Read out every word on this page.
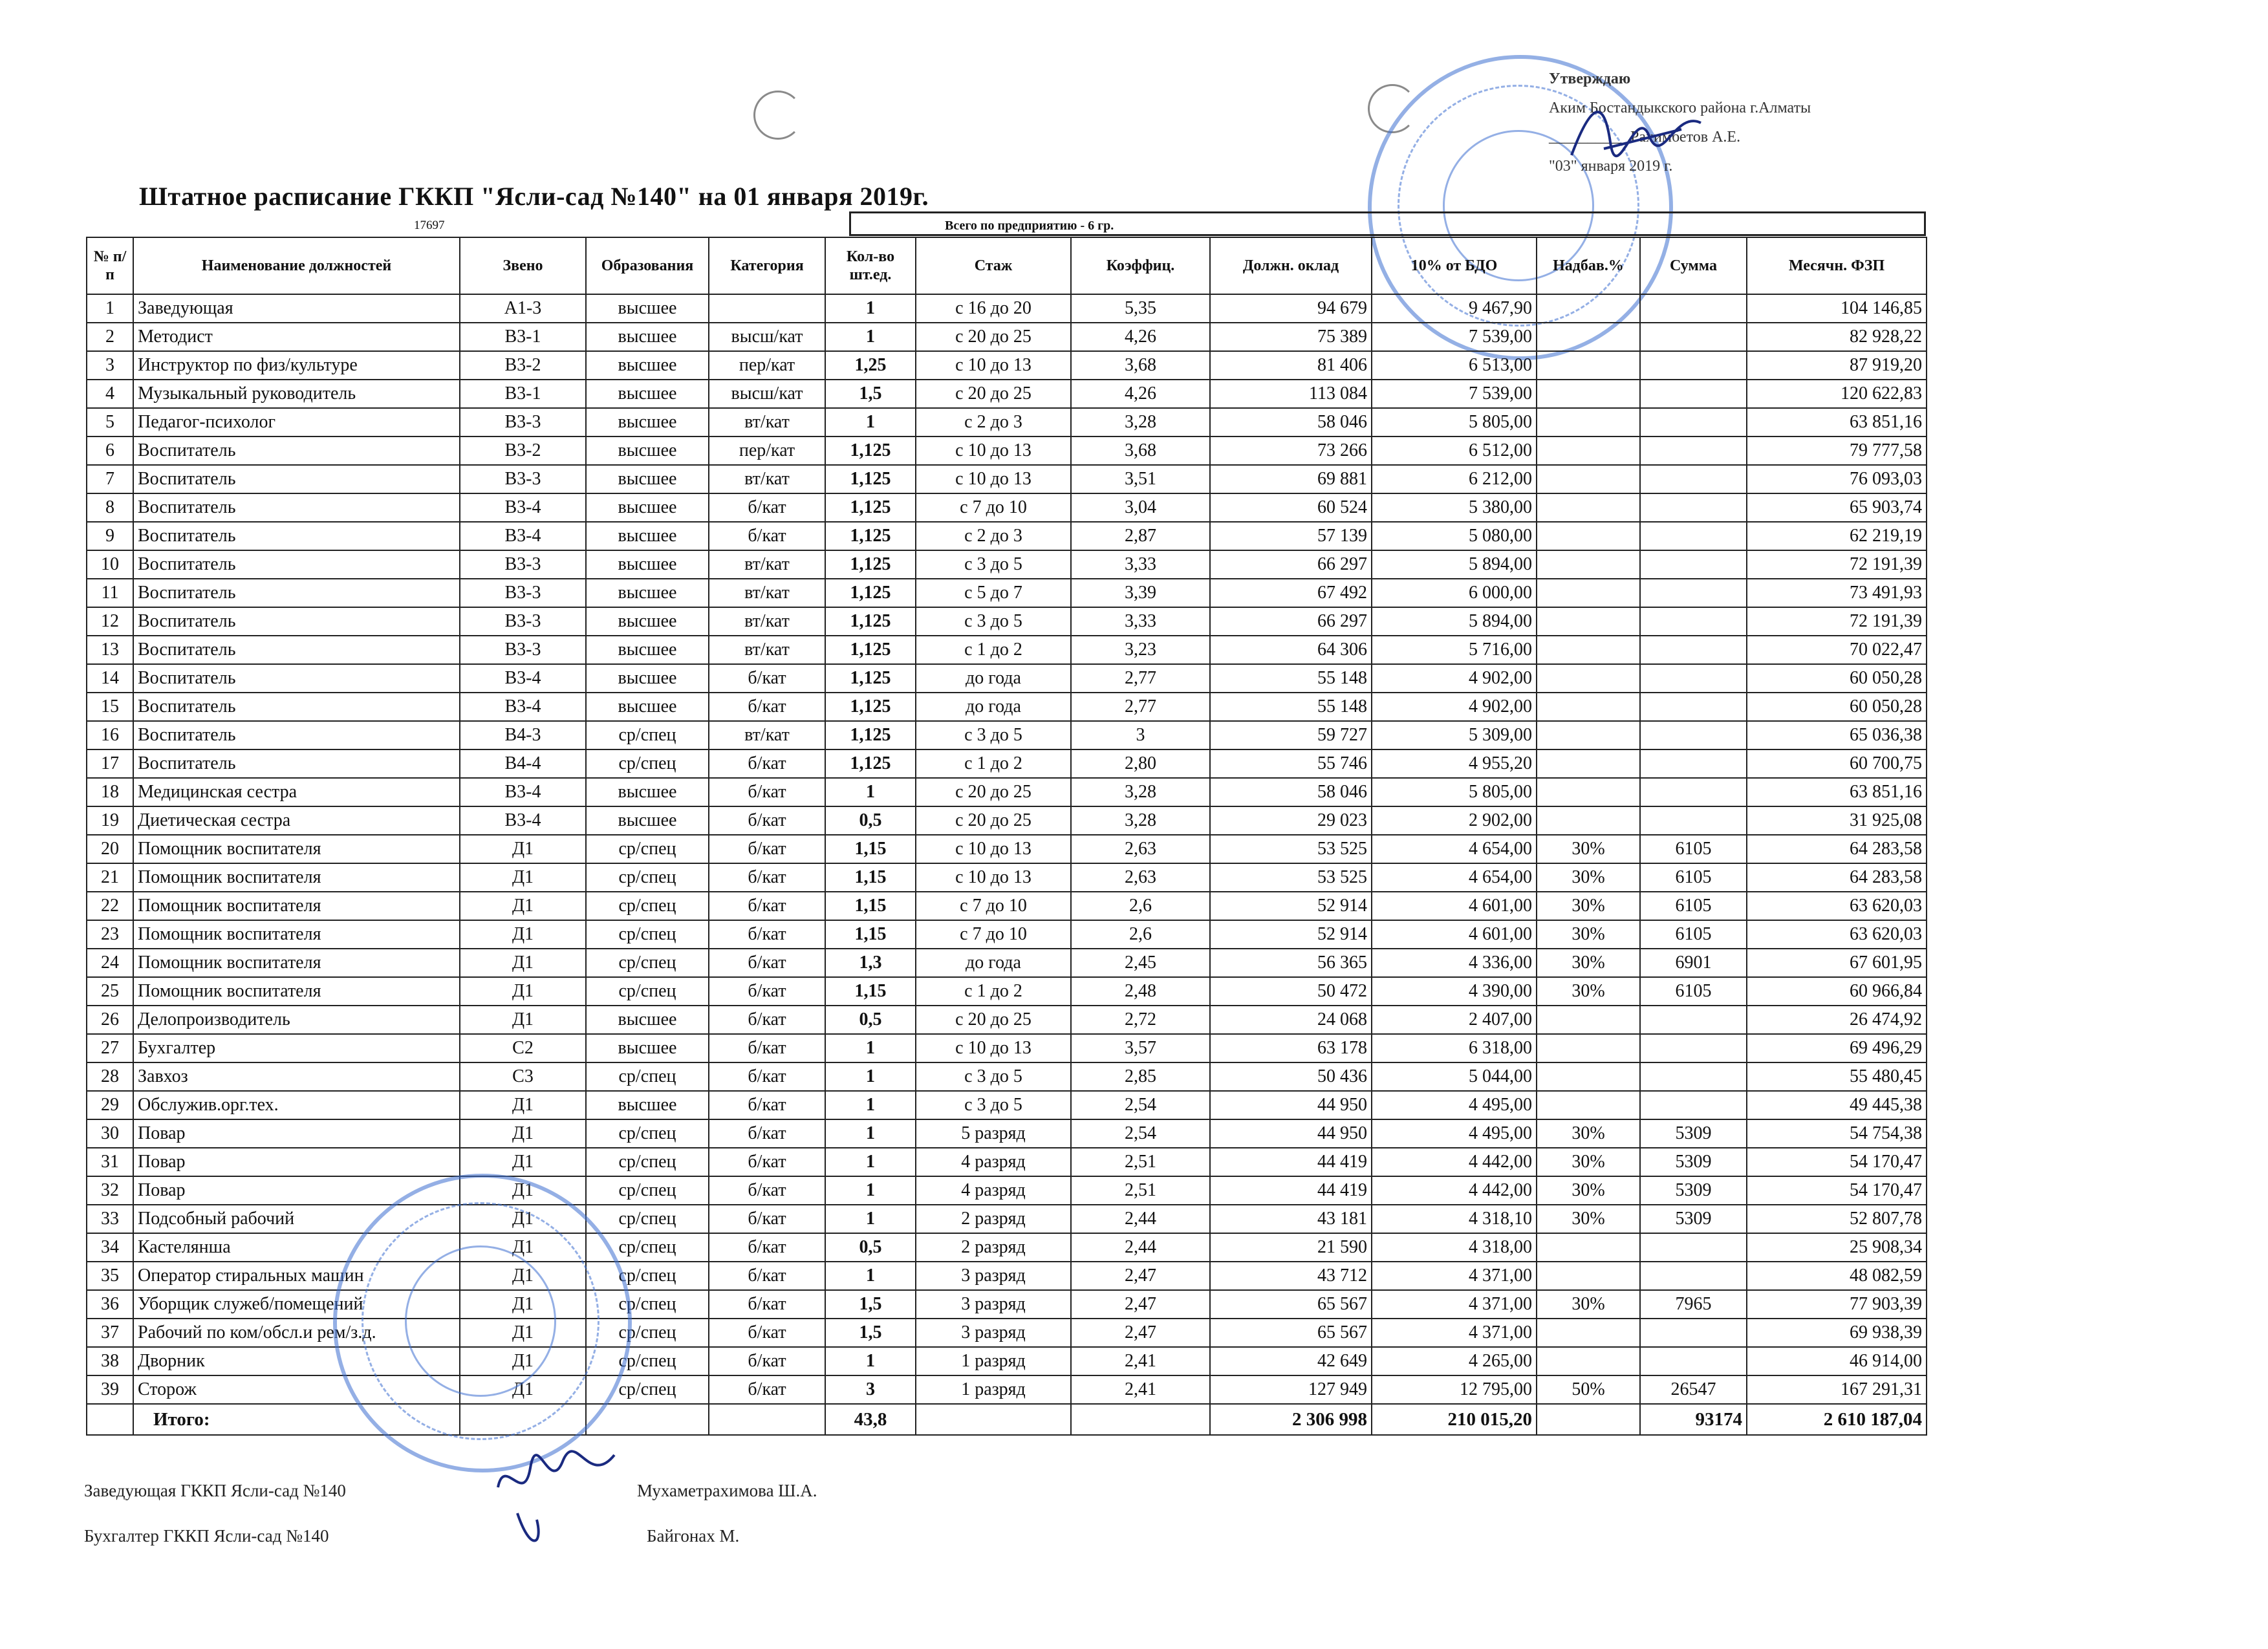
Утверждаю
Аким Бостандыкского района г.Алматы
__________ Рахимбетов А.Е.
"03" января 2019 г.
Штатное расписание ГККП "Ясли-сад №140" на 01 января 2019г.
17697	Всего по предприятию - 6 гр.
№ п/п	Наименование должностей	Звено	Образования	Категория	Кол-во шт.ед.	Стаж	Коэффиц.	Должн. оклад	10% от БДО	Надбав.%	Сумма	Месячн. ФЗП
1	Заведующая	A1-3	высшее		1	с 16 до 20	5,35	94 679	9 467,90			104 146,85
2	Методист	B3-1	высшее	высш/кат	1	с 20 до 25	4,26	75 389	7 539,00			82 928,22
3	Инструктор по физ/культуре	B3-2	высшее	пер/кат	1,25	с 10 до 13	3,68	81 406	6 513,00			87 919,20
4	Музыкальный руководитель	B3-1	высшее	высш/кат	1,5	с 20 до 25	4,26	113 084	7 539,00			120 622,83
5	Педагог-психолог	B3-3	высшее	вт/кат	1	с 2 до 3	3,28	58 046	5 805,00			63 851,16
6	Воспитатель	B3-2	высшее	пер/кат	1,125	с 10 до 13	3,68	73 266	6 512,00			79 777,58
7	Воспитатель	B3-3	высшее	вт/кат	1,125	с 10 до 13	3,51	69 881	6 212,00			76 093,03
8	Воспитатель	B3-4	высшее	б/кат	1,125	с 7 до 10	3,04	60 524	5 380,00			65 903,74
9	Воспитатель	B3-4	высшее	б/кат	1,125	с 2 до 3	2,87	57 139	5 080,00			62 219,19
10	Воспитатель	B3-3	высшее	вт/кат	1,125	с 3 до 5	3,33	66 297	5 894,00			72 191,39
11	Воспитатель	B3-3	высшее	вт/кат	1,125	с 5 до 7	3,39	67 492	6 000,00			73 491,93
12	Воспитатель	B3-3	высшее	вт/кат	1,125	с 3 до 5	3,33	66 297	5 894,00			72 191,39
13	Воспитатель	B3-3	высшее	вт/кат	1,125	с 1 до 2	3,23	64 306	5 716,00			70 022,47
14	Воспитатель	B3-4	высшее	б/кат	1,125	до года	2,77	55 148	4 902,00			60 050,28
15	Воспитатель	B3-4	высшее	б/кат	1,125	до года	2,77	55 148	4 902,00			60 050,28
16	Воспитатель	B4-3	ср/спец	вт/кат	1,125	с 3 до 5	3	59 727	5 309,00			65 036,38
17	Воспитатель	B4-4	ср/спец	б/кат	1,125	с 1 до 2	2,80	55 746	4 955,20			60 700,75
18	Медицинская сестра	B3-4	высшее	б/кат	1	с 20 до 25	3,28	58 046	5 805,00			63 851,16
19	Диетическая сестра	B3-4	высшее	б/кат	0,5	с 20 до 25	3,28	29 023	2 902,00			31 925,08
20	Помощник воспитателя	Д1	ср/спец	б/кат	1,15	с 10 до 13	2,63	53 525	4 654,00	30%	6105	64 283,58
21	Помощник воспитателя	Д1	ср/спец	б/кат	1,15	с 10 до 13	2,63	53 525	4 654,00	30%	6105	64 283,58
22	Помощник воспитателя	Д1	ср/спец	б/кат	1,15	с 7 до 10	2,6	52 914	4 601,00	30%	6105	63 620,03
23	Помощник воспитателя	Д1	ср/спец	б/кат	1,15	с 7 до 10	2,6	52 914	4 601,00	30%	6105	63 620,03
24	Помощник воспитателя	Д1	ср/спец	б/кат	1,3	до года	2,45	56 365	4 336,00	30%	6901	67 601,95
25	Помощник воспитателя	Д1	ср/спец	б/кат	1,15	с 1 до 2	2,48	50 472	4 390,00	30%	6105	60 966,84
26	Делопроизводитель	Д1	высшее	б/кат	0,5	с 20 до 25	2,72	24 068	2 407,00			26 474,92
27	Бухгалтер	C2	высшее	б/кат	1	с 10 до 13	3,57	63 178	6 318,00			69 496,29
28	Завхоз	C3	ср/спец	б/кат	1	с 3 до 5	2,85	50 436	5 044,00			55 480,45
29	Обслужив.орг.тех.	Д1	высшее	б/кат	1	с 3 до 5	2,54	44 950	4 495,00			49 445,38
30	Повар	Д1	ср/спец	б/кат	1	5 разряд	2,54	44 950	4 495,00	30%	5309	54 754,38
31	Повар	Д1	ср/спец	б/кат	1	4 разряд	2,51	44 419	4 442,00	30%	5309	54 170,47
32	Повар	Д1	ср/спец	б/кат	1	4 разряд	2,51	44 419	4 442,00	30%	5309	54 170,47
33	Подсобный рабочий	Д1	ср/спец	б/кат	1	2 разряд	2,44	43 181	4 318,10	30%	5309	52 807,78
34	Кастелянша	Д1	ср/спец	б/кат	0,5	2 разряд	2,44	21 590	4 318,00			25 908,34
35	Оператор стиральных машин	Д1	ср/спец	б/кат	1	3 разряд	2,47	43 712	4 371,00			48 082,59
36	Уборщик служеб/помещений	Д1	ср/спец	б/кат	1,5	3 разряд	2,47	65 567	4 371,00	30%	7965	77 903,39
37	Рабочий по ком/обсл.и рем/з.д.	Д1	ср/спец	б/кат	1,5	3 разряд	2,47	65 567	4 371,00			69 938,39
38	Дворник	Д1	ср/спец	б/кат	1	1 разряд	2,41	42 649	4 265,00			46 914,00
39	Сторож	Д1	ср/спец	б/кат	3	1 разряд	2,41	127 949	12 795,00	50%	26547	167 291,31
	Итого:				43,8			2 306 998	210 015,20		93174	2 610 187,04
Заведующая ГККП Ясли-сад №140	Мухаметрахимова Ш.А.
Бухгалтер ГККП Ясли-сад №140	Байгонах М.
